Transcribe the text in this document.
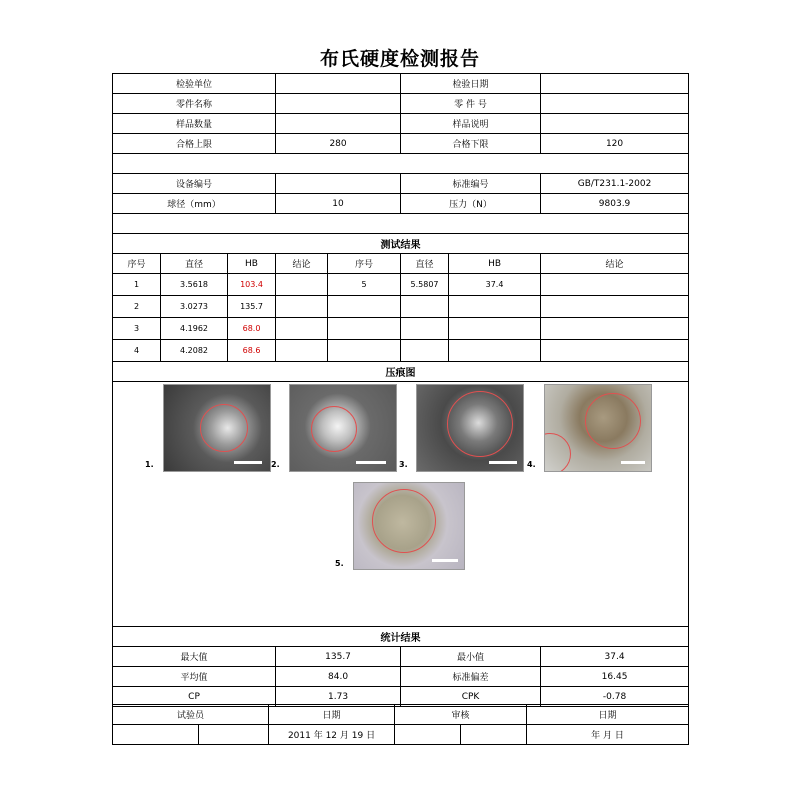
布氏硬度检测报告
检验单位					检验日期		
零件名称					零 件 号		
样品数量					样品说明		
合格上限			280		合格下限		120

设备编号					标准编号		GB/T231.1-2002
球径（mm）			10		压力（N）		9803.9

测试结果							
序号	直径	HB	结论	序号	直径	HB	结论
1	3.5618	103.4		5	5.5807	37.4	
2	3.0273	135.7					
3	4.1962	68.0					
4	4.2082	68.6					
压痕图							

1. 2. 3. 4.
5.							

统计结果							
最大值			135.7		最小值		37.4
平均值			84.0		标准偏差		16.45
CP			1.73		CPK		-0.78
试验员		日期	审核		日期
		2011 年 12 月 19 日			年 月 日
